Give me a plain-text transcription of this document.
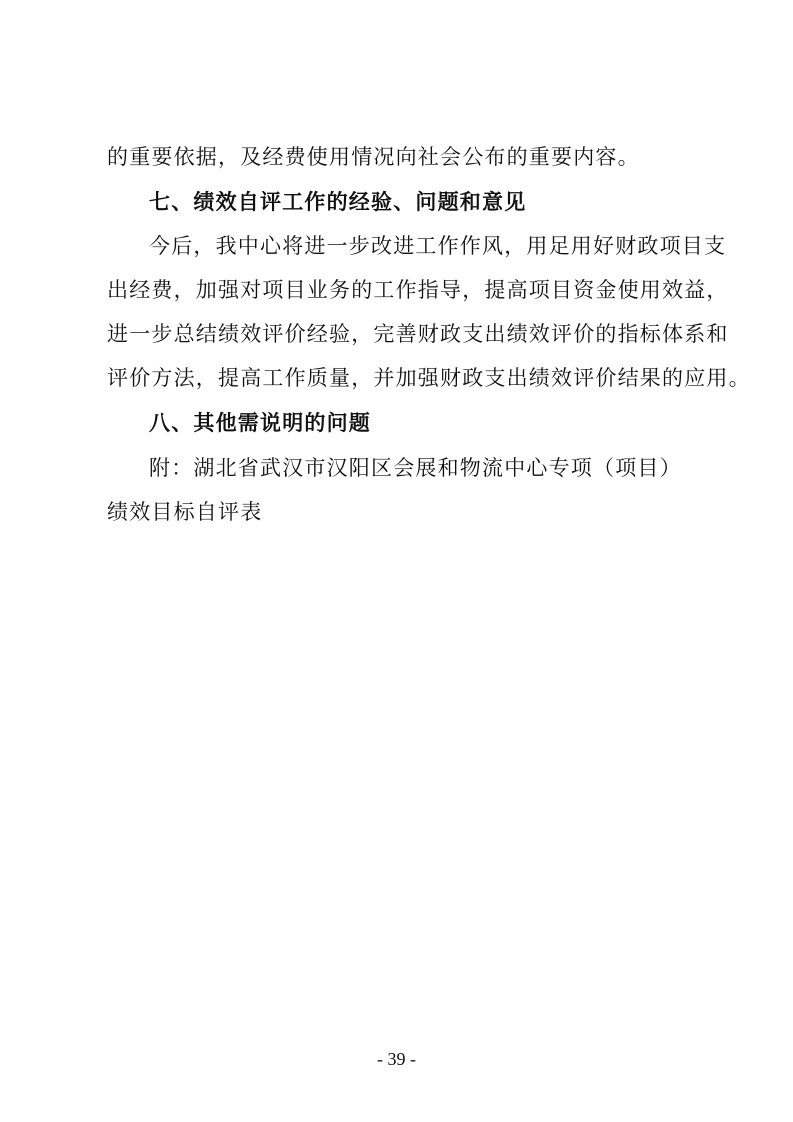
的重要依据，及经费使用情况向社会公布的重要内容。
七、绩效自评工作的经验、问题和意见
今后，我中心将进一步改进工作作风，用足用好财政项目支
出经费，加强对项目业务的工作指导，提高项目资金使用效益，
进一步总结绩效评价经验，完善财政支出绩效评价的指标体系和
评价方法，提高工作质量，并加强财政支出绩效评价结果的应用。
八、其他需说明的问题
附：湖北省武汉市汉阳区会展和物流中心专项（项目）
绩效目标自评表
- 39 -
